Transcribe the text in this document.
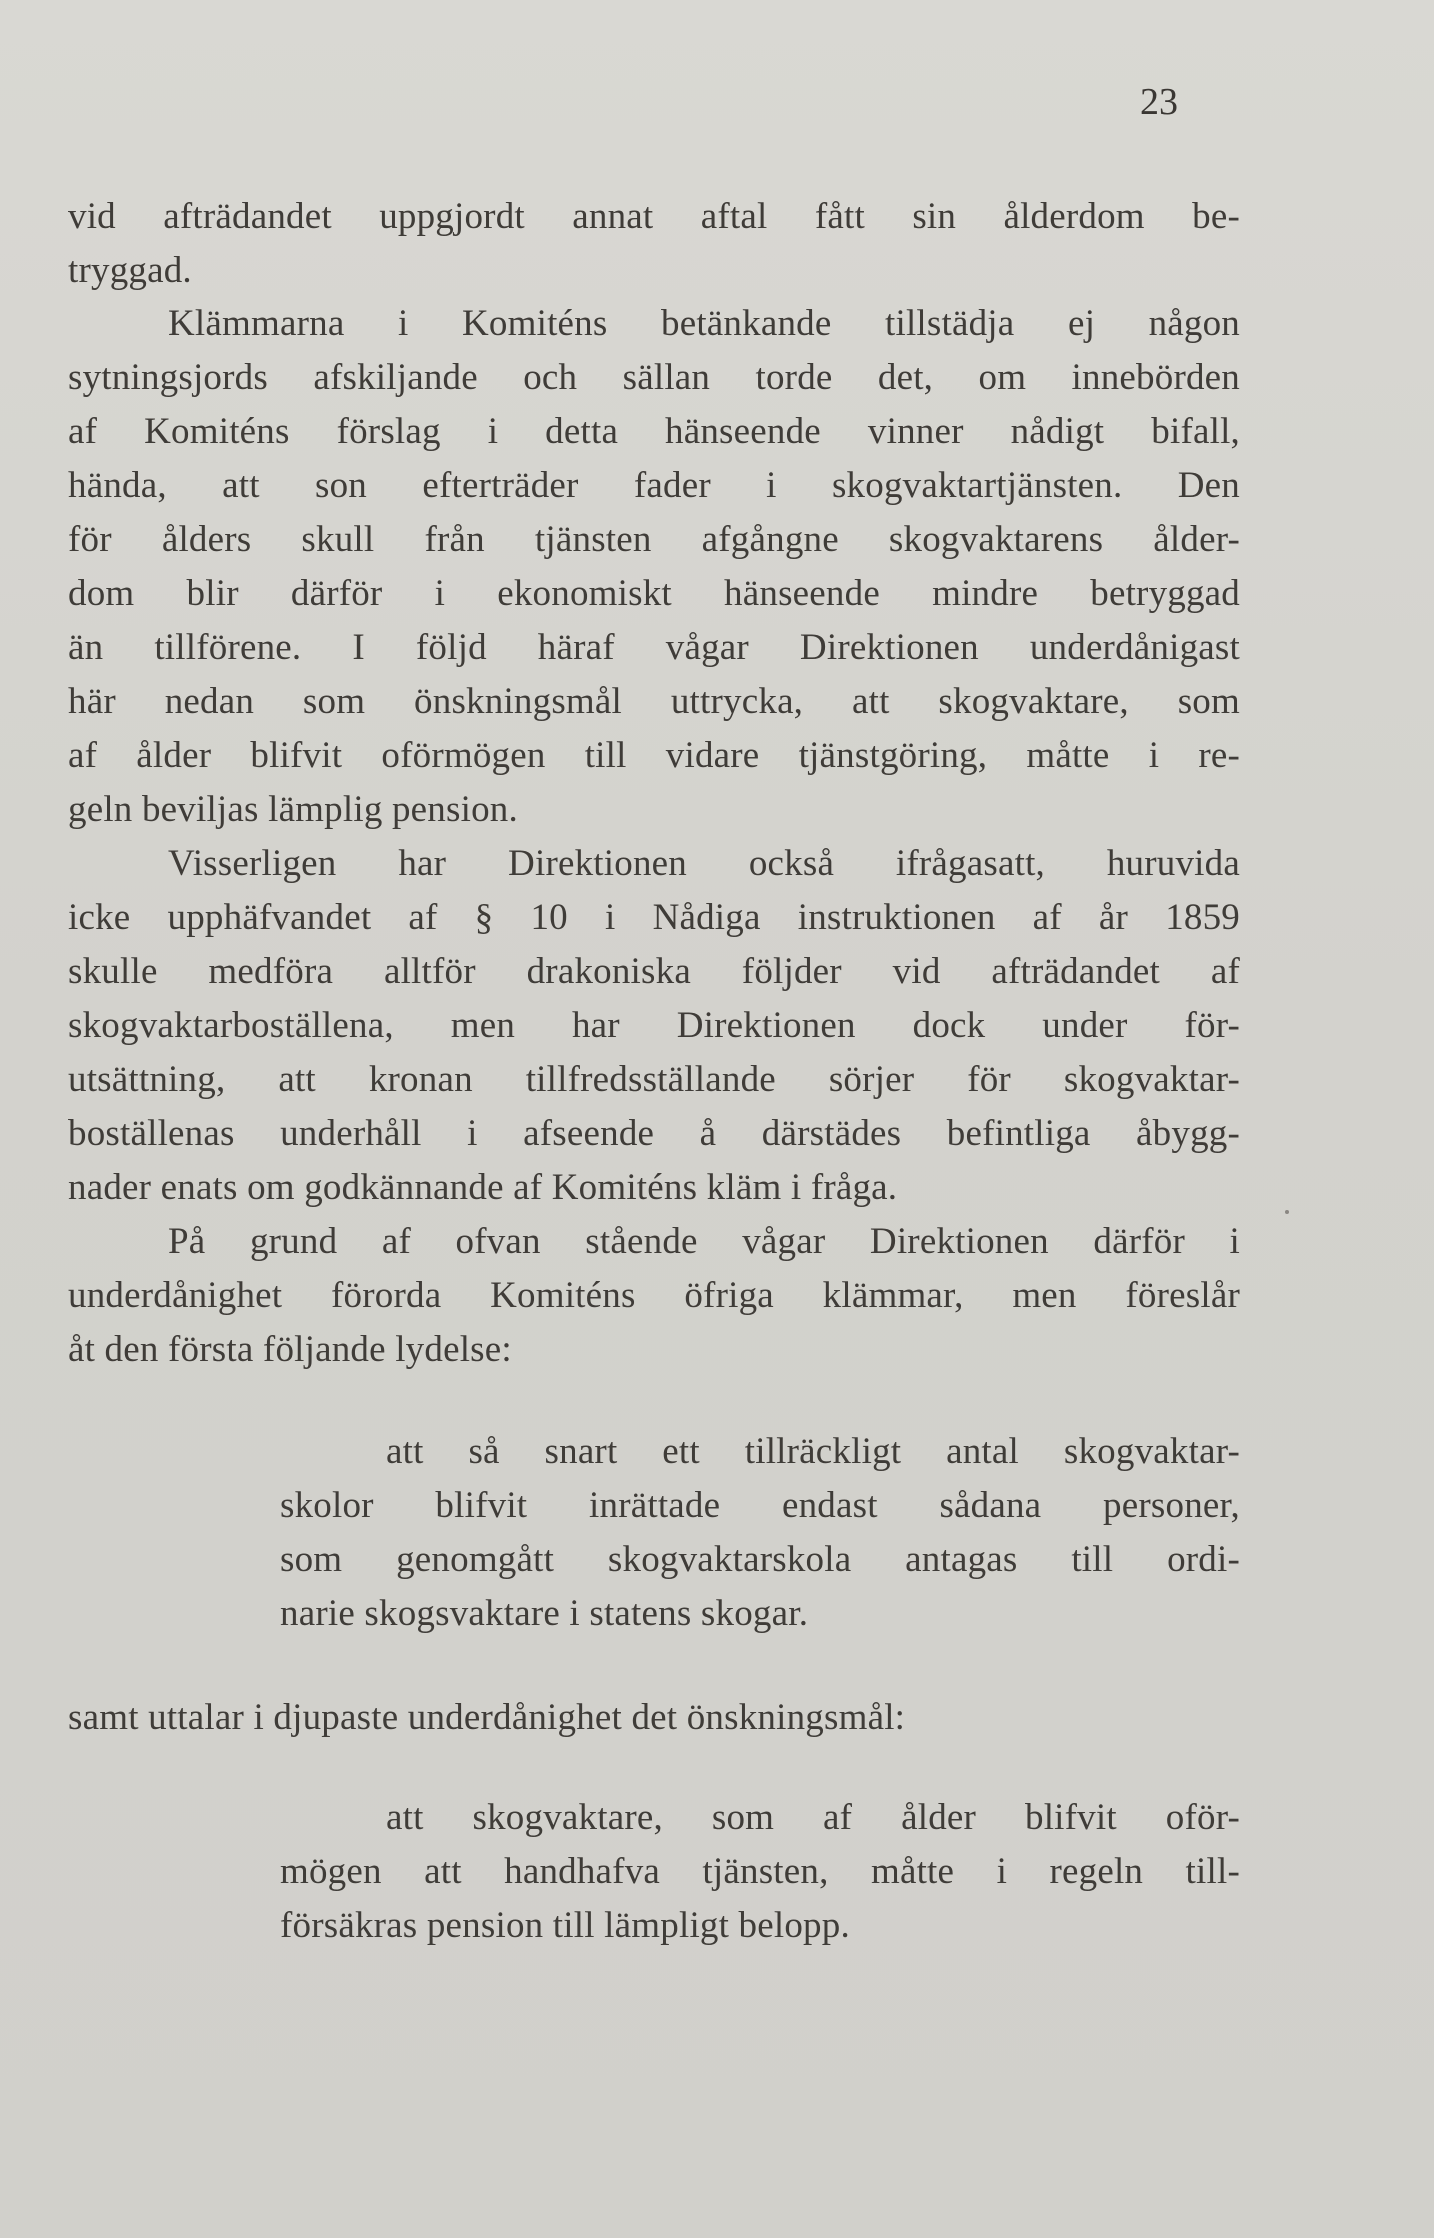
23
vid afträdandet uppgjordt annat aftal fått sin ålderdom be-
tryggad.
Klämmarna i Komiténs betänkande tillstädja ej någon
sytningsjords afskiljande och sällan torde det, om innebörden
af Komiténs förslag i detta hänseende vinner nådigt bifall,
hända, att son efterträder fader i skogvaktartjänsten. Den
för ålders skull från tjänsten afgångne skogvaktarens ålder-
dom blir därför i ekonomiskt hänseende mindre betryggad
än tillförene. I följd häraf vågar Direktionen underdånigast
här nedan som önskningsmål uttrycka, att skogvaktare, som
af ålder blifvit oförmögen till vidare tjänstgöring, måtte i re-
geln beviljas lämplig pension.
Visserligen har Direktionen också ifrågasatt, huruvida
icke upphäfvandet af § 10 i Nådiga instruktionen af år 1859
skulle medföra alltför drakoniska följder vid afträdandet af
skogvaktarboställena, men har Direktionen dock under för-
utsättning, att kronan tillfredsställande sörjer för skogvaktar-
boställenas underhåll i afseende å därstädes befintliga åbygg-
nader enats om godkännande af Komiténs kläm i fråga.
På grund af ofvan stående vågar Direktionen därför i
underdånighet förorda Komiténs öfriga klämmar, men föreslår
åt den första följande lydelse:
att så snart ett tillräckligt antal skogvaktar-
skolor blifvit inrättade endast sådana personer,
som genomgått skogvaktarskola antagas till ordi-
narie skogsvaktare i statens skogar.
samt uttalar i djupaste underdånighet det önskningsmål:
att skogvaktare, som af ålder blifvit oför-
mögen att handhafva tjänsten, måtte i regeln till-
försäkras pension till lämpligt belopp.
